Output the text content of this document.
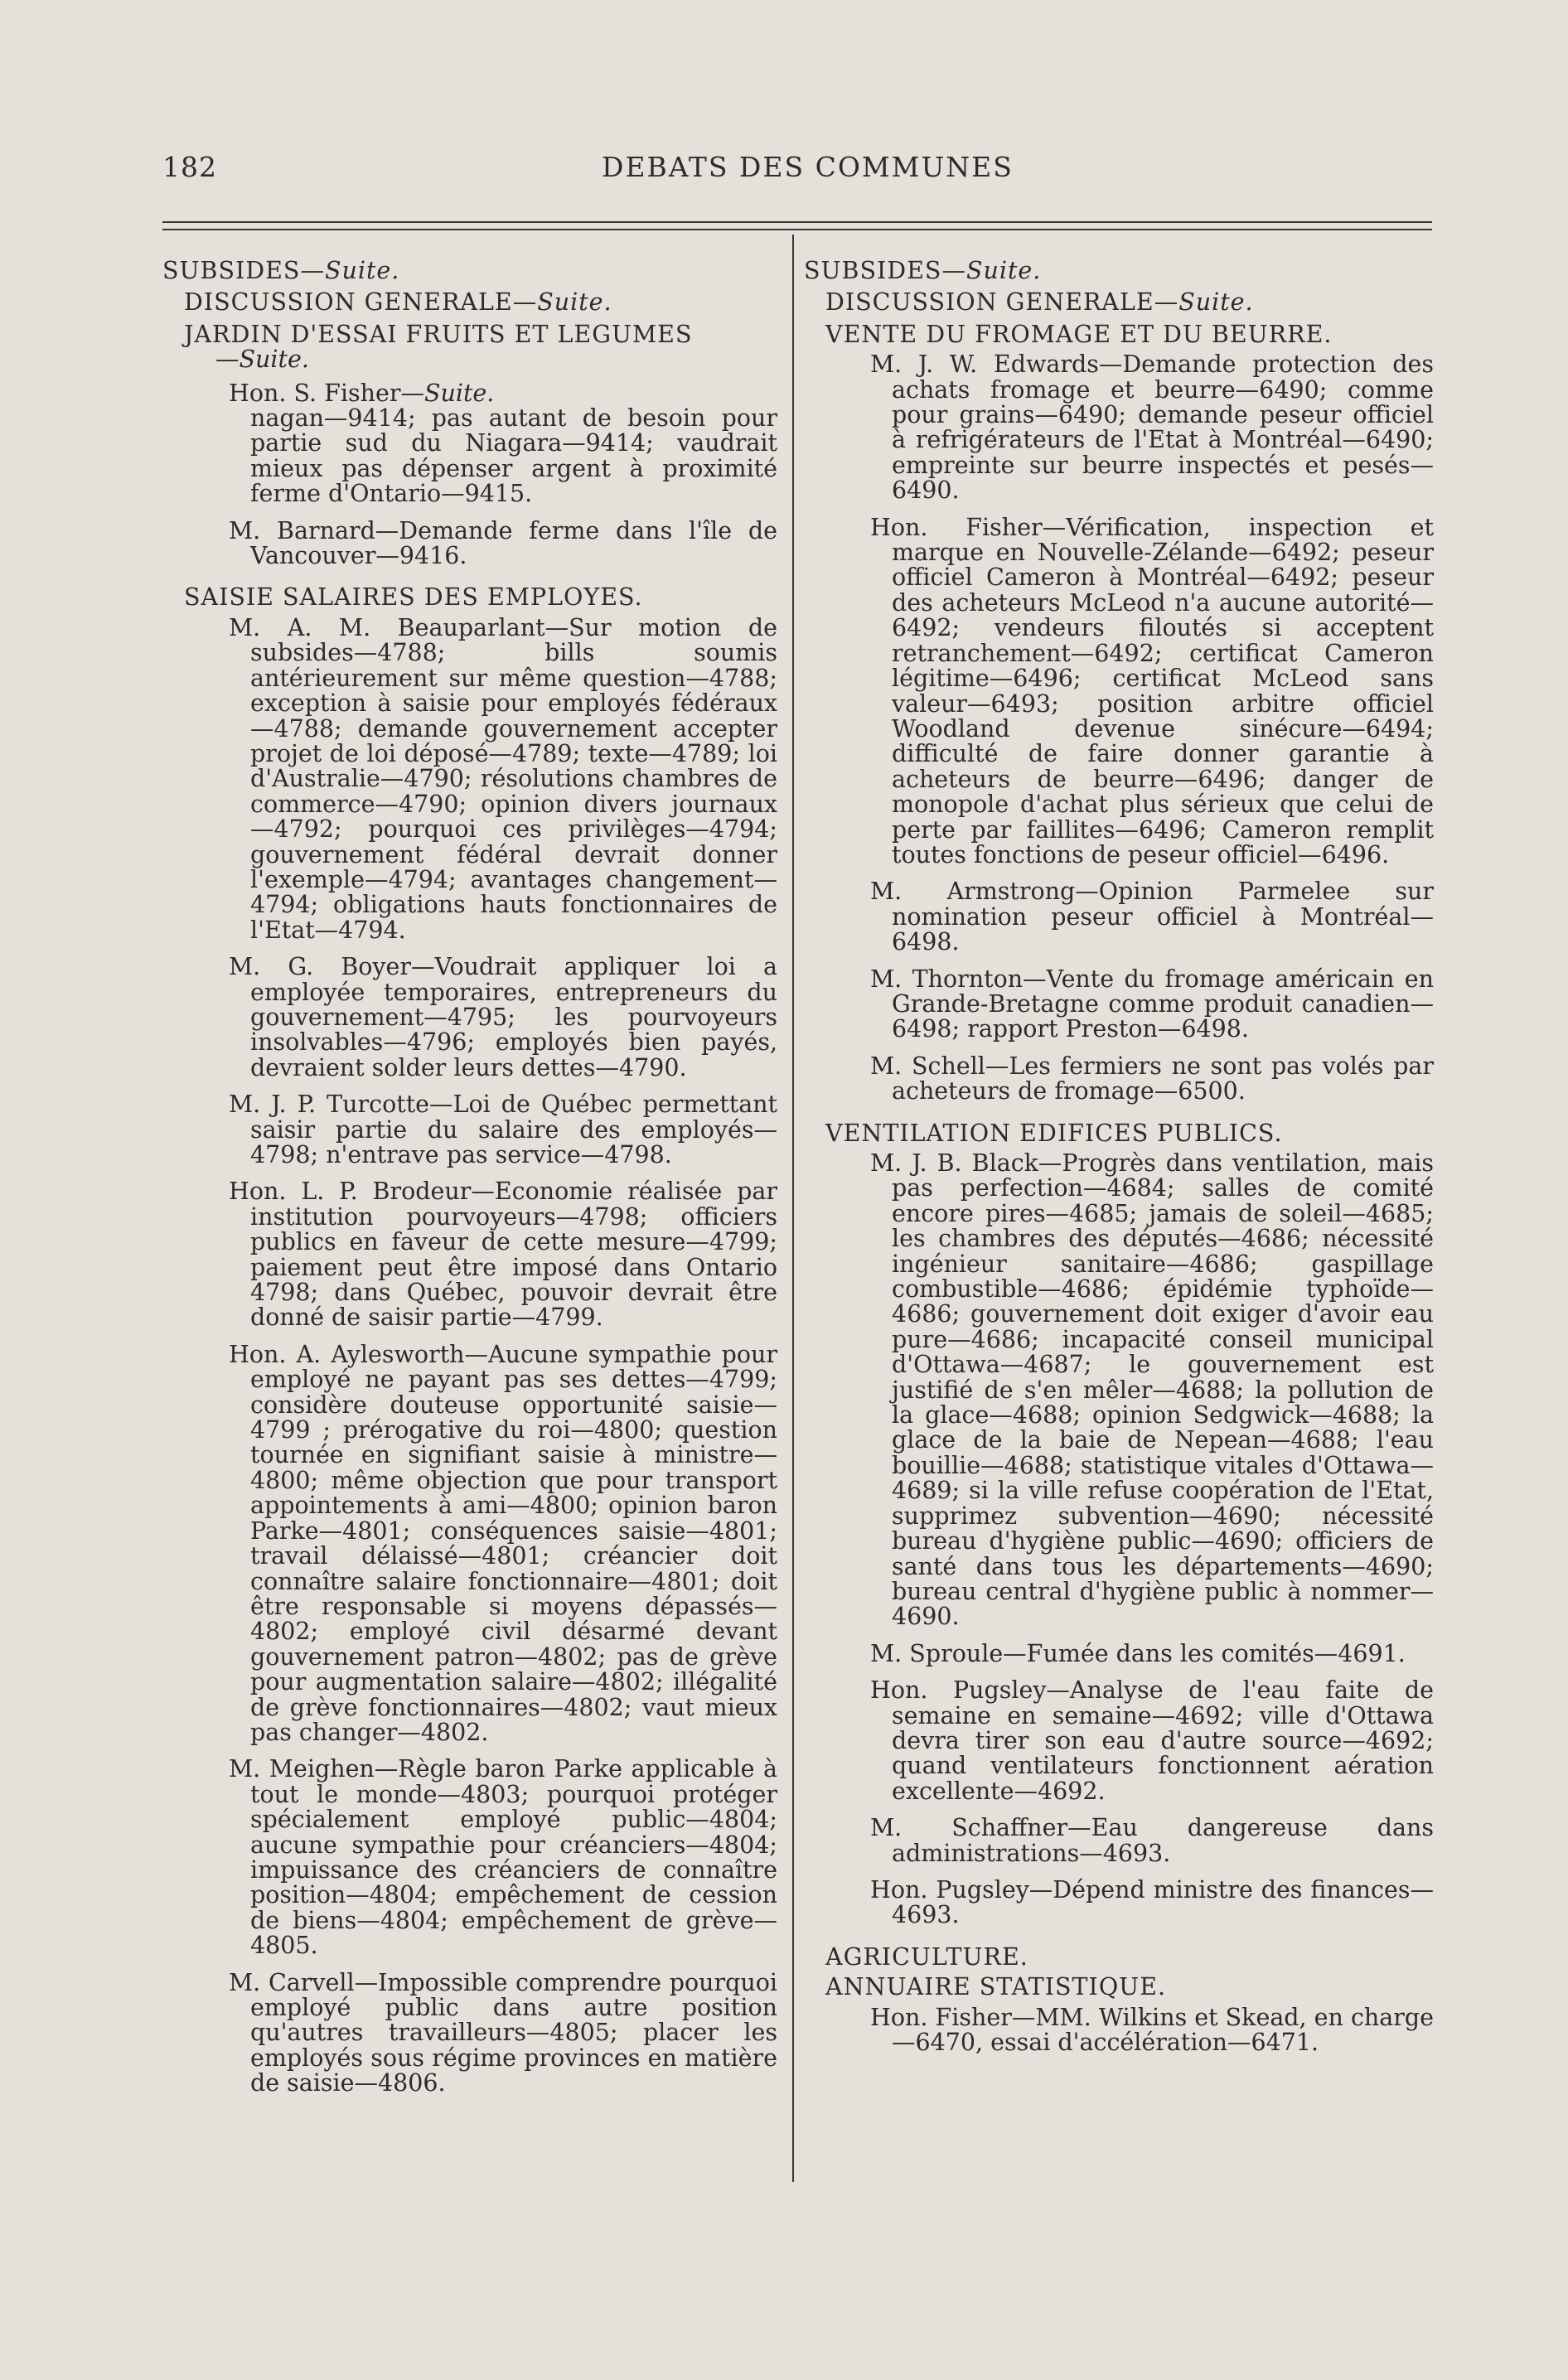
182	DEBATS DES COMMUNES

SUBSIDES—Suite.

DISCUSSION GENERALE—Suite.

JARDIN D'ESSAI FRUITS ET LEGUMES

—Suite.

Hon. S. Fisher—Suite.

nagan—9414; pas autant de besoin pour partie sud du Niagara—9414; vaudrait mieux pas dépenser argent à proximité ferme d'Ontario—9415.

M. Barnard—Demande ferme dans l'île de Vancouver—9416.

SAISIE SALAIRES DES EMPLOYES.

M. A. M. Beauparlant—Sur motion de subsides—4788; bills soumis antérieurement sur même question—4788; exception à saisie pour employés fédéraux—4788; demande gouvernement accepter projet de loi déposé—4789; texte—4789; loi d'Australie—4790; résolutions chambres de commerce—4790; opinion divers journaux—4792; pourquoi ces privilèges—4794; gouvernement fédéral devrait donner l'exemple—4794; avantages changement—4794; obligations hauts fonctionnaires de l'Etat—4794.

M. G. Boyer—Voudrait appliquer loi a employée temporaires, entrepreneurs du gouvernement—4795; les pourvoyeurs insolvables—4796; employés bien payés, devraient solder leurs dettes—4790.

M. J. P. Turcotte—Loi de Québec permettant saisir partie du salaire des employés—4798; n'entrave pas service—4798.

Hon. L. P. Brodeur—Economie réalisée par institution pourvoyeurs—4798; officiers publics en faveur de cette mesure—4799; paiement peut être imposé dans Ontario 4798; dans Québec, pouvoir devrait être donné de saisir partie—4799.

Hon. A. Aylesworth—Aucune sympathie pour employé ne payant pas ses dettes—4799; considère douteuse opportunité saisie—4799 ; prérogative du roi—4800; question tournée en signifiant saisie à ministre—4800; même objection que pour transport appointements à ami—4800; opinion baron Parke—4801; conséquences saisie—4801; travail délaissé—4801; créancier doit connaître salaire fonctionnaire—4801; doit être responsable si moyens dépassés—4802; employé civil désarmé devant gouvernement patron—4802; pas de grève pour augmentation salaire—4802; illégalité de grève fonctionnaires—4802; vaut mieux pas changer—4802.

M. Meighen—Règle baron Parke applicable à tout le monde—4803; pourquoi protéger spécialement employé public—4804; aucune sympathie pour créanciers—4804; impuissance des créanciers de connaître position—4804; empêchement de cession de biens—4804; empêchement de grève—4805.

M. Carvell—Impossible comprendre pourquoi employé public dans autre position qu'autres travailleurs—4805; placer les employés sous régime provinces en matière de saisie—4806.

SUBSIDES—Suite.

DISCUSSION GENERALE—Suite.

VENTE DU FROMAGE ET DU BEURRE.

M. J. W. Edwards—Demande protection des achats fromage et beurre—6490; comme pour grains—6490; demande peseur officiel à refrigérateurs de l'Etat à Montréal—6490; empreinte sur beurre inspectés et pesés—6490.

Hon. Fisher—Vérification, inspection et marque en Nouvelle-Zélande—6492; peseur officiel Cameron à Montréal—6492; peseur des acheteurs McLeod n'a aucune autorité—6492; vendeurs filoutés si acceptent retranchement—6492; certificat Cameron légitime—6496; certificat McLeod sans valeur—6493; position arbitre officiel Woodland devenue sinécure—6494; difficulté de faire donner garantie à acheteurs de beurre—6496; danger de monopole d'achat plus sérieux que celui de perte par faillites—6496; Cameron remplit toutes fonctions de peseur officiel—6496.

M. Armstrong—Opinion Parmelee sur nomination peseur officiel à Montréal—6498.

M. Thornton—Vente du fromage américain en Grande-Bretagne comme produit canadien—6498; rapport Preston—6498.

M. Schell—Les fermiers ne sont pas volés par acheteurs de fromage—6500.

VENTILATION EDIFICES PUBLICS.

M. J. B. Black—Progrès dans ventilation, mais pas perfection—4684; salles de comité encore pires—4685; jamais de soleil—4685; les chambres des députés—4686; nécessité ingénieur sanitaire—4686; gaspillage combustible—4686; épidémie typhoïde—4686; gouvernement doit exiger d'avoir eau pure—4686; incapacité conseil municipal d'Ottawa—4687; le gouvernement est justifié de s'en mêler—4688; la pollution de la glace—4688; opinion Sedgwick—4688; la glace de la baie de Nepean—4688; l'eau bouillie—4688; statistique vitales d'Ottawa—4689; si la ville refuse coopération de l'Etat, supprimez subvention—4690; nécessité bureau d'hygiène public—4690; officiers de santé dans tous les départements—4690; bureau central d'hygiène public à nommer—4690.

M. Sproule—Fumée dans les comités—4691.

Hon. Pugsley—Analyse de l'eau faite de semaine en semaine—4692; ville d'Ottawa devra tirer son eau d'autre source—4692; quand ventilateurs fonctionnent aération excellente—4692.

M. Schaffner—Eau dangereuse dans administrations—4693.

Hon. Pugsley—Dépend ministre des finances—4693.

AGRICULTURE.

ANNUAIRE STATISTIQUE.

Hon. Fisher—MM. Wilkins et Skead, en charge—6470, essai d'accélération—6471.
